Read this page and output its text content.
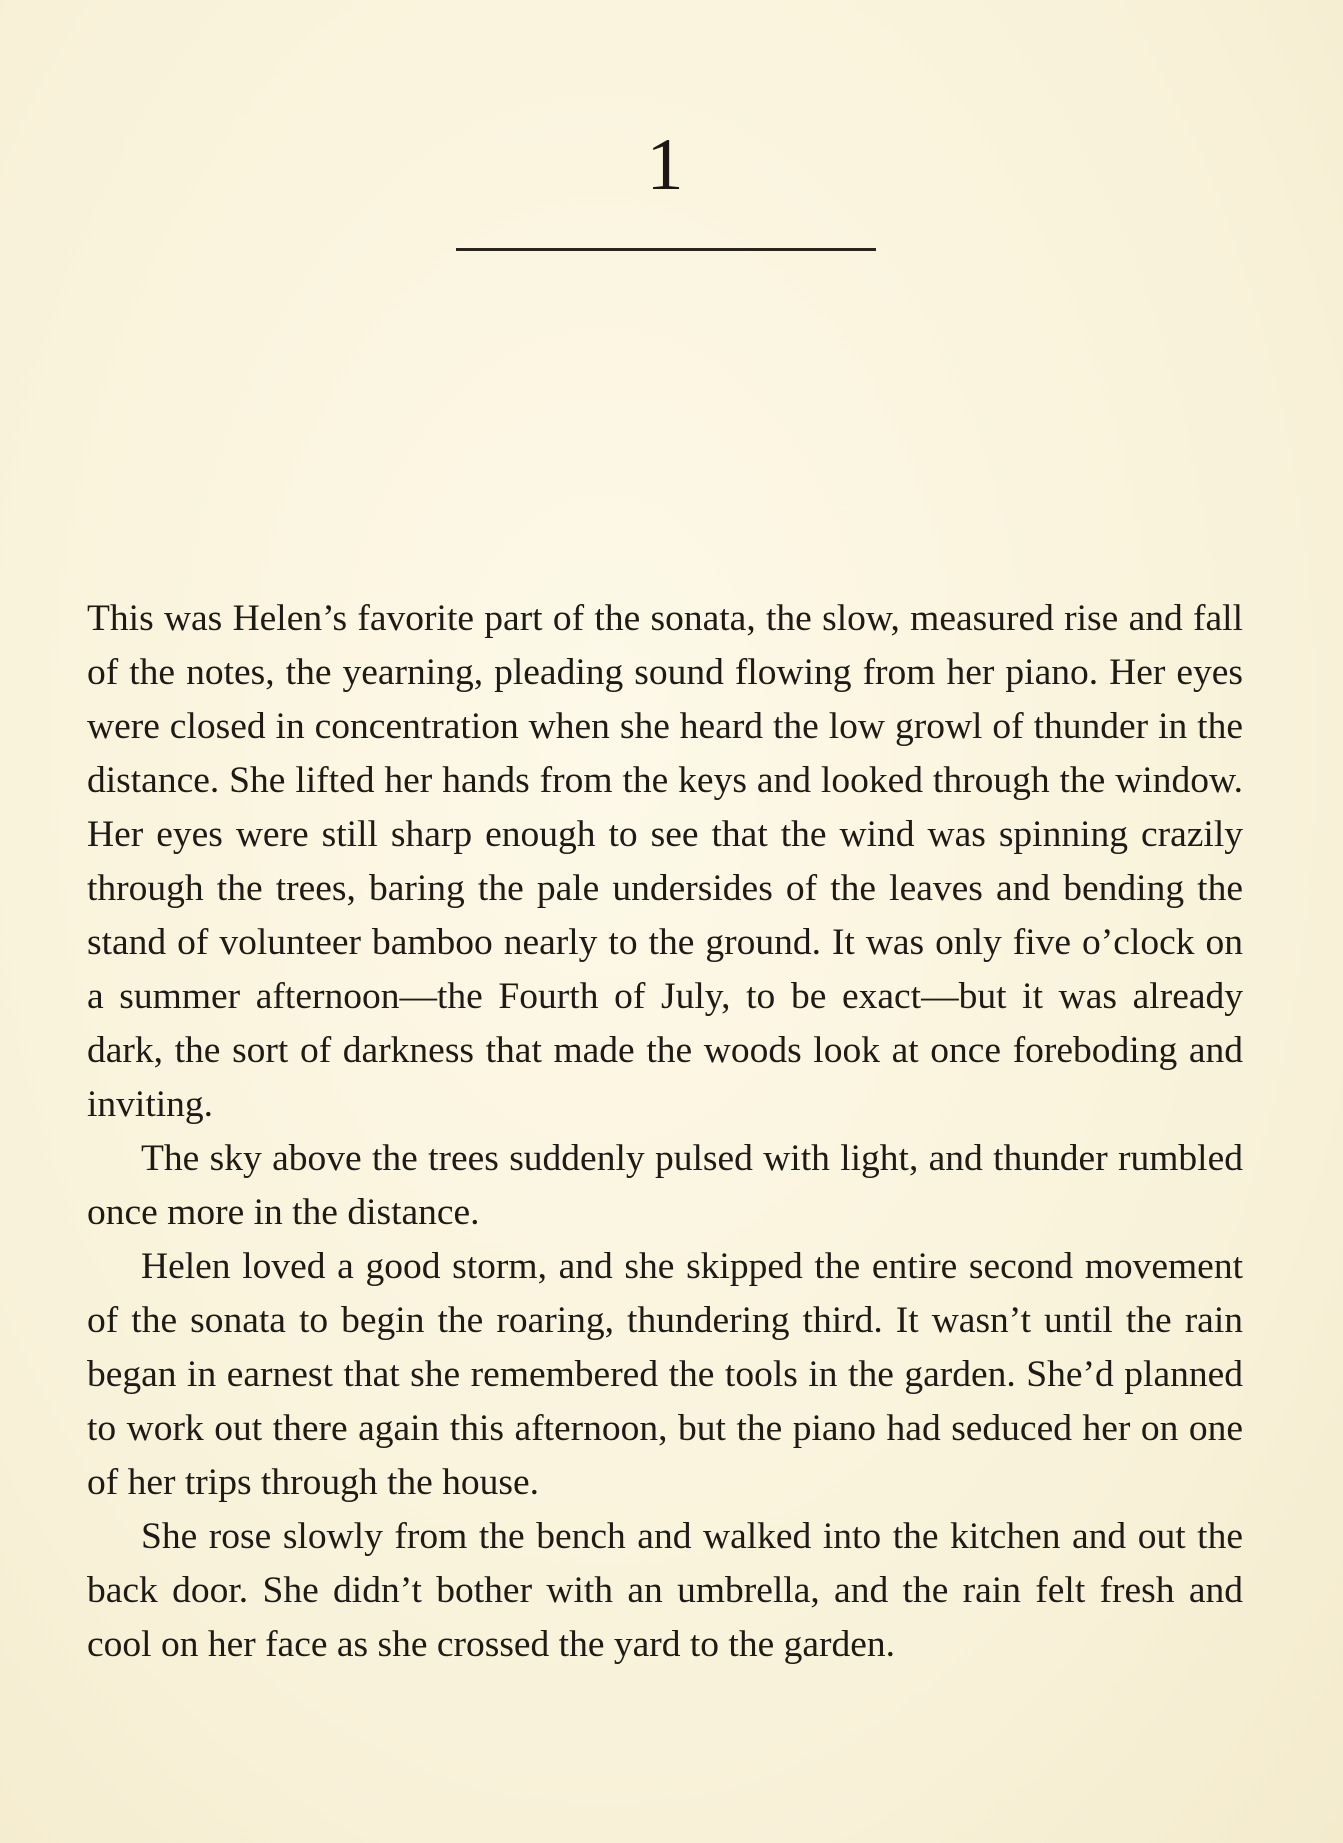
1

This was Helen’s favorite part of the sonata, the slow, measured rise and fall of the notes, the yearning, pleading sound flowing from her piano. Her eyes were closed in concentration when she heard the low growl of thunder in the distance. She lifted her hands from the keys and looked through the window. Her eyes were still sharp enough to see that the wind was spinning crazily through the trees, baring the pale undersides of the leaves and bending the stand of volunteer bamboo nearly to the ground. It was only five o’clock on a summer afternoon—the Fourth of July, to be exact—but it was already dark, the sort of darkness that made the woods look at once foreboding and inviting.

The sky above the trees suddenly pulsed with light, and thunder rumbled once more in the distance.

Helen loved a good storm, and she skipped the entire second movement of the sonata to begin the roaring, thundering third. It wasn’t until the rain began in earnest that she remembered the tools in the garden. She’d planned to work out there again this afternoon, but the piano had seduced her on one of her trips through the house.

She rose slowly from the bench and walked into the kitchen and out the back door. She didn’t bother with an umbrella, and the rain felt fresh and cool on her face as she crossed the yard to the garden.
